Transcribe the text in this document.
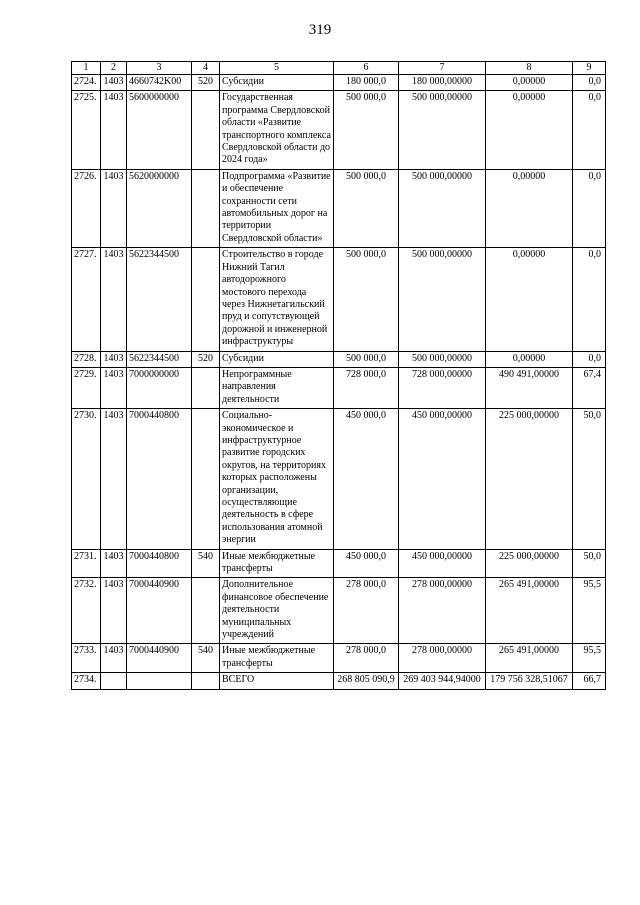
319
1	2	3	4	5	6	7	8	9
2724.	1403	4660742K00	520	Субсидии	180 000,0	180 000,00000	0,00000	0,0
2725.	1403	5600000000		Государственная программа Свердловской области «Развитие транспортного комплекса Свердловской области до 2024 года»	500 000,0	500 000,00000	0,00000	0,0
2726.	1403	5620000000		Подпрограмма «Развитие и обеспечение сохранности сети автомобильных дорог на территории Свердловской области»	500 000,0	500 000,00000	0,00000	0,0
2727.	1403	5622344500		Строительство в городе Нижний Тагил автодорожного мостового перехода через Нижнетагильский пруд и сопутствующей дорожной и инженерной инфраструктуры	500 000,0	500 000,00000	0,00000	0,0
2728.	1403	5622344500	520	Субсидии	500 000,0	500 000,00000	0,00000	0,0
2729.	1403	7000000000		Непрограммные направления деятельности	728 000,0	728 000,00000	490 491,00000	67,4
2730.	1403	7000440800		Социально-экономическое и инфраструктурное развитие городских округов, на территориях которых расположены организации, осуществляющие деятельность в сфере использования атомной энергии	450 000,0	450 000,00000	225 000,00000	50,0
2731.	1403	7000440800	540	Иные межбюджетные трансферты	450 000,0	450 000,00000	225 000,00000	50,0
2732.	1403	7000440900		Дополнительное финансовое обеспечение деятельности муниципальных учреждений	278 000,0	278 000,00000	265 491,00000	95,5
2733.	1403	7000440900	540	Иные межбюджетные трансферты	278 000,0	278 000,00000	265 491,00000	95,5
2734.				ВСЕГО	268 805 090,9	269 403 944,94000	179 756 328,51067	66,7
